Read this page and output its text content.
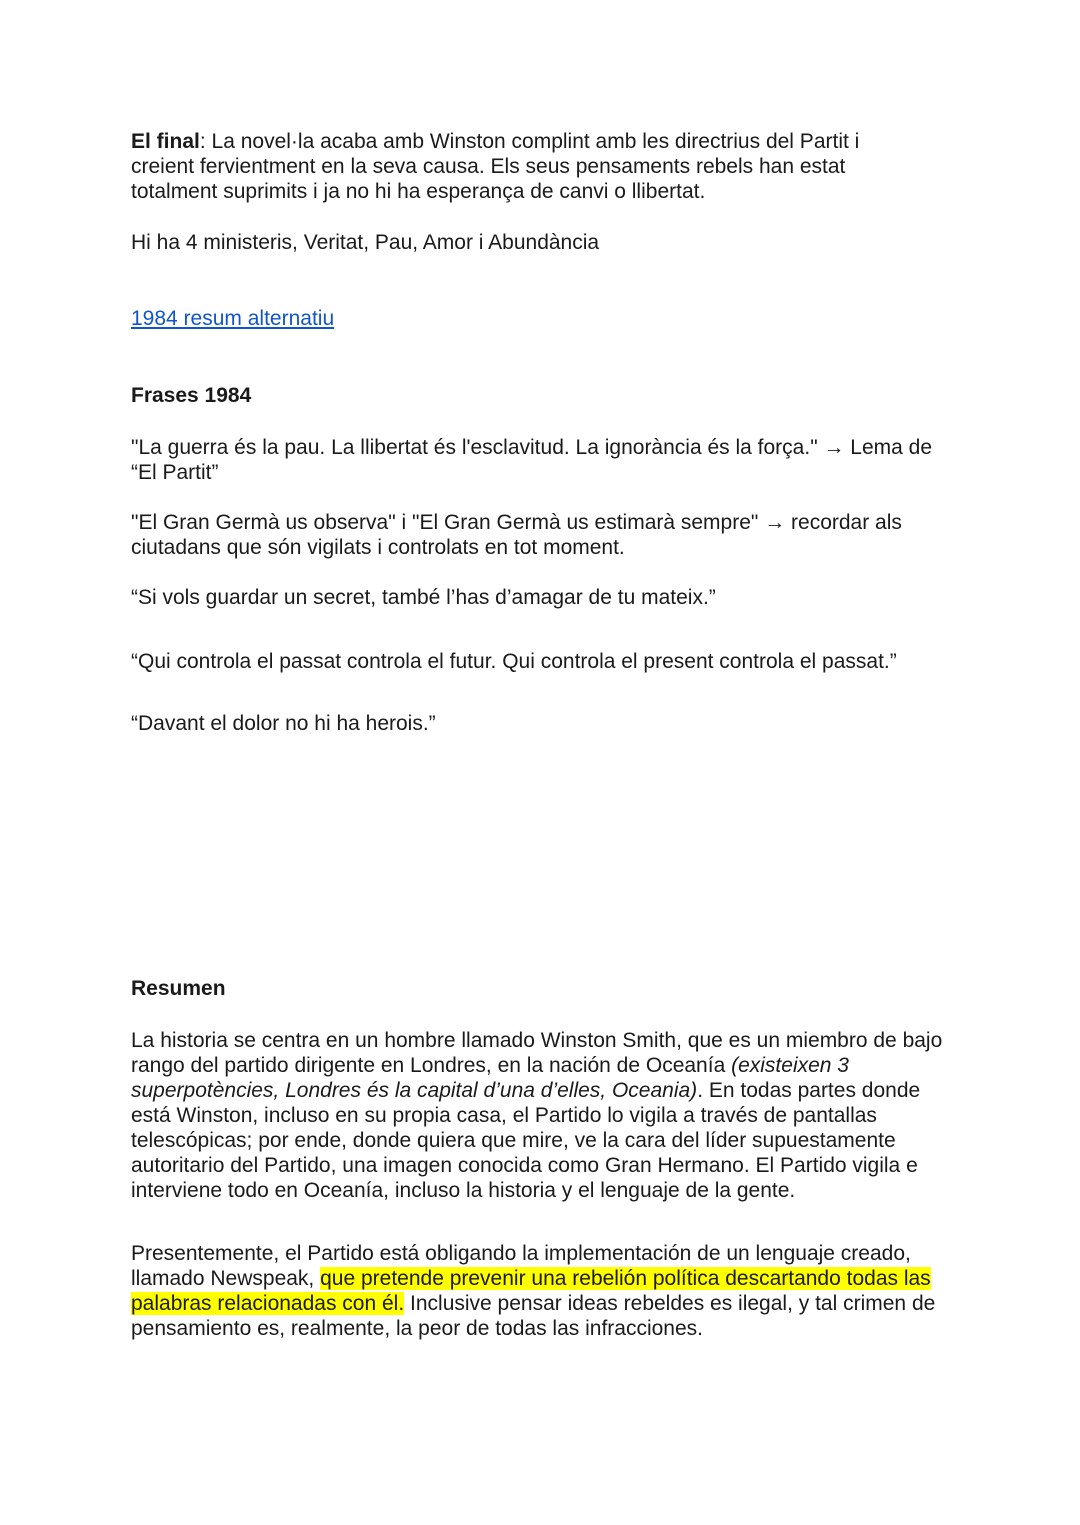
El final: La novel·la acaba amb Winston complint amb les directrius del Partit i creient fervientment en la seva causa. Els seus pensaments rebels han estat totalment suprimits i ja no hi ha esperança de canvi o llibertat.

Hi ha 4 ministeris, Veritat, Pau, Amor i Abundància

1984 resum alternatiu

Frases 1984

"La guerra és la pau. La llibertat és l'esclavitud. La ignorància és la força." → Lema de “El Partit”

"El Gran Germà us observa" i "El Gran Germà us estimarà sempre" → recordar als ciutadans que són vigilats i controlats en tot moment.

“Si vols guardar un secret, també l’has d’amagar de tu mateix.”

“Qui controla el passat controla el futur. Qui controla el present controla el passat.”

“Davant el dolor no hi ha herois.”

Resumen

La historia se centra en un hombre llamado Winston Smith, que es un miembro de bajo rango del partido dirigente en Londres, en la nación de Oceanía (existeixen 3 superpotències, Londres és la capital d’una d’elles, Oceania). En todas partes donde está Winston, incluso en su propia casa, el Partido lo vigila a través de pantallas telescópicas; por ende, donde quiera que mire, ve la cara del líder supuestamente autoritario del Partido, una imagen conocida como Gran Hermano. El Partido vigila e interviene todo en Oceanía, incluso la historia y el lenguaje de la gente.

Presentemente, el Partido está obligando la implementación de un lenguaje creado, llamado Newspeak, que pretende prevenir una rebelión política descartando todas las palabras relacionadas con él. Inclusive pensar ideas rebeldes es ilegal, y tal crimen de pensamiento es, realmente, la peor de todas las infracciones.
